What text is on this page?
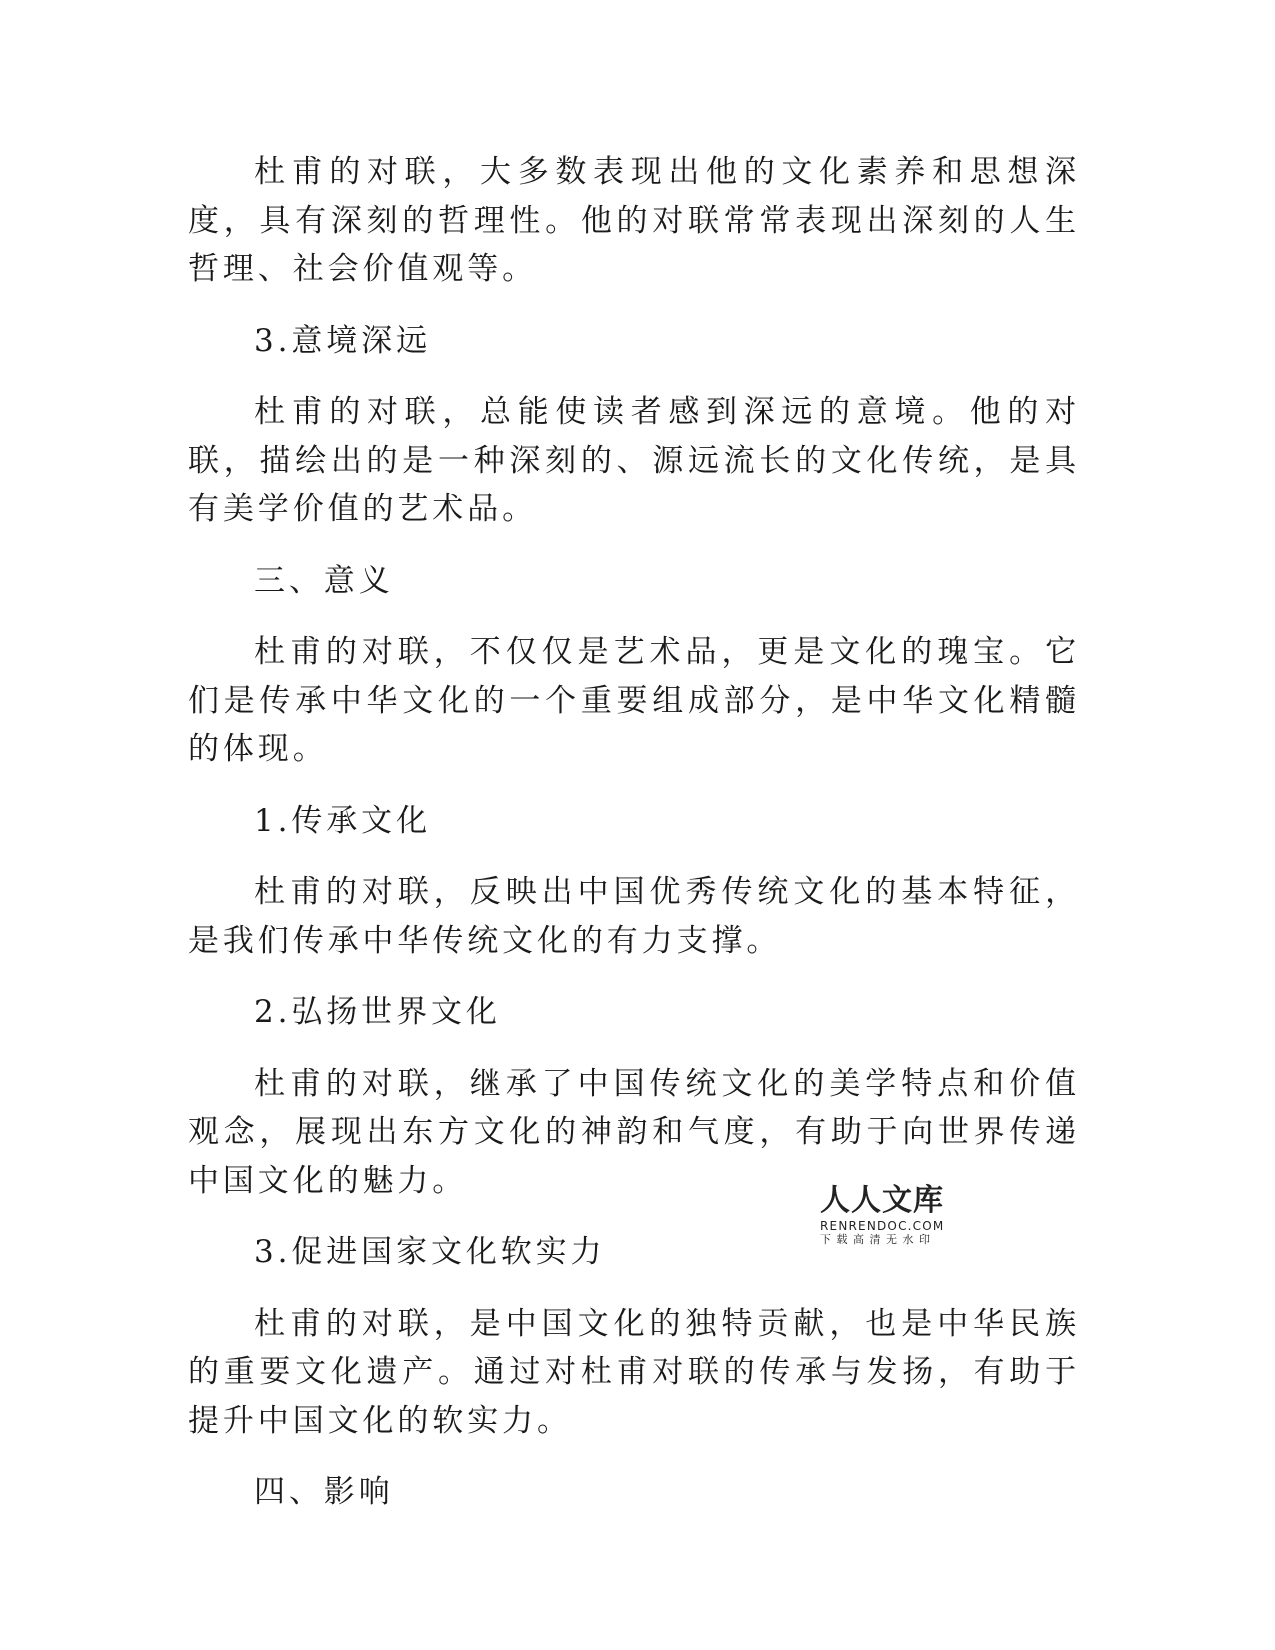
杜甫的对联，大多数表现出他的文化素养和思想深度，具有深刻的哲理性。他的对联常常表现出深刻的人生哲理、社会价值观等。

3.意境深远

杜甫的对联，总能使读者感到深远的意境。他的对联，描绘出的是一种深刻的、源远流长的文化传统，是具有美学价值的艺术品。

三、意义

杜甫的对联，不仅仅是艺术品，更是文化的瑰宝。它们是传承中华文化的一个重要组成部分，是中华文化精髓的体现。

1.传承文化

杜甫的对联，反映出中国优秀传统文化的基本特征，是我们传承中华传统文化的有力支撑。

2.弘扬世界文化

杜甫的对联，继承了中国传统文化的美学特点和价值观念，展现出东方文化的神韵和气度，有助于向世界传递中国文化的魅力。

3.促进国家文化软实力

杜甫的对联，是中国文化的独特贡献，也是中华民族的重要文化遗产。通过对杜甫对联的传承与发扬，有助于提升中国文化的软实力。

四、影响

人人文库
RENRENDOC.COM
下载高清无水印
